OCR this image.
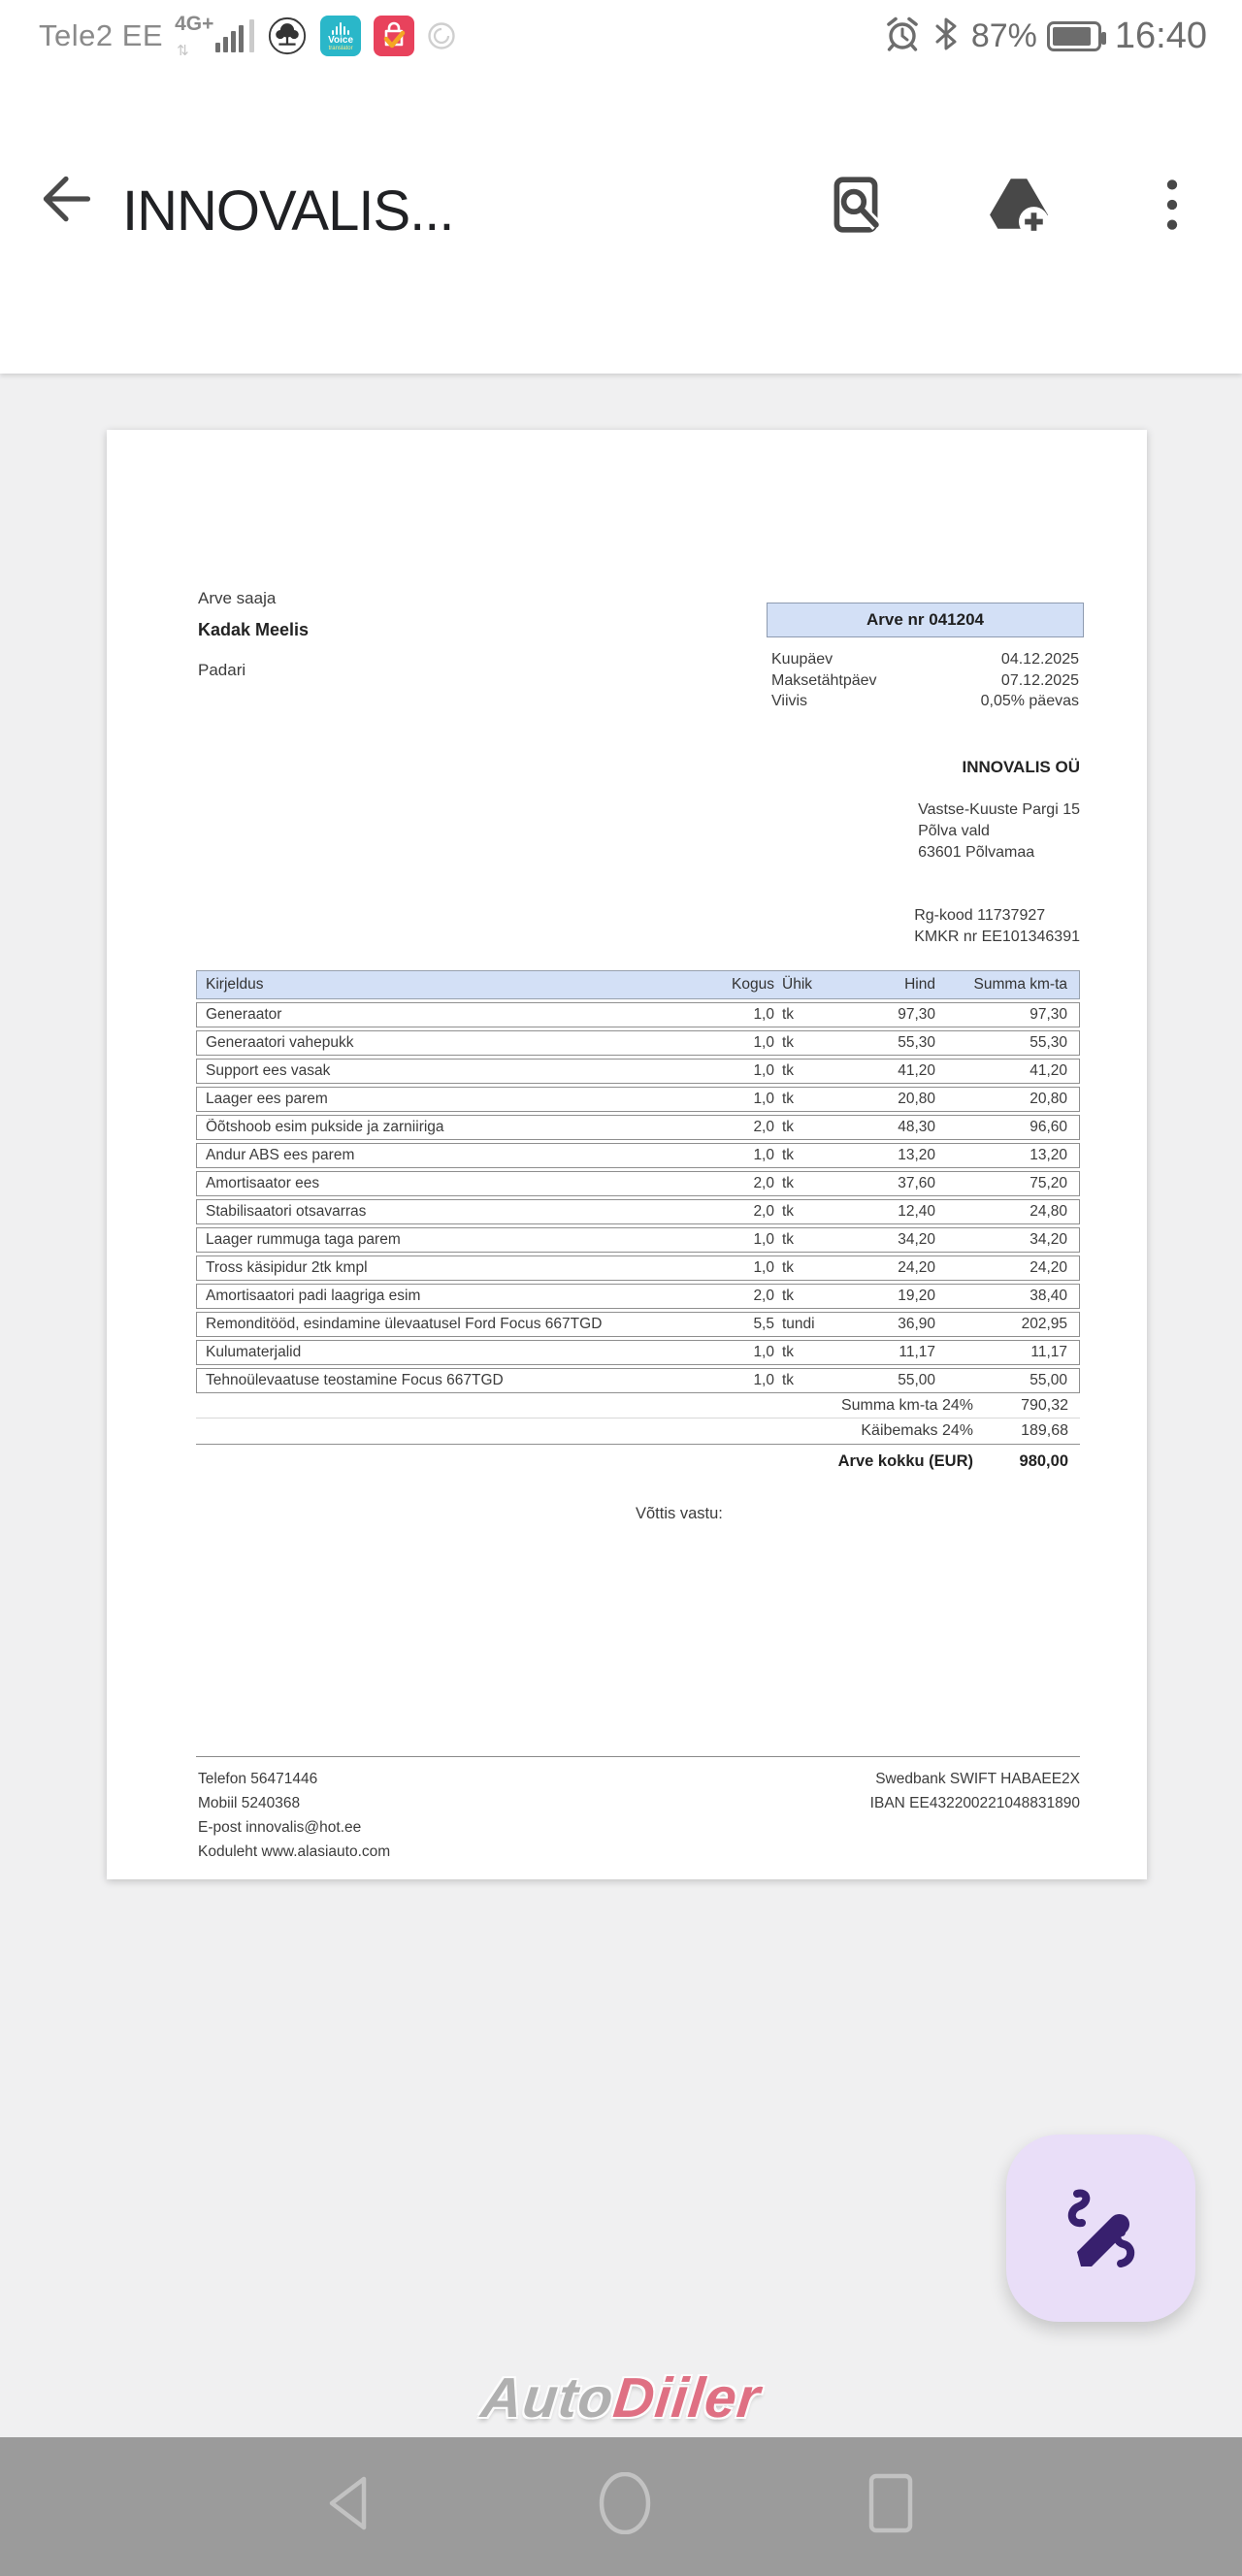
Tele2 EE 4G+
⇅
Voice
translator	87% 16:40
INNOVALIS...
Arve saaja
Kadak Meelis
Padari
Arve nr 041204
Kuupäev	04.12.2025
Maksetähtpäev	07.12.2025
Viivis	0,05% päevas
INNOVALIS OÜ
Vastse-Kuuste Pargi 15
Põlva vald
63601 Põlvamaa
Rg-kood 11737927
KMKR nr EE101346391
Kirjeldus	Kogus Ühik	Hind	Summa km-ta
Generaator	1,0 tk	97,30	97,30
Generaatori vahepukk	1,0 tk	55,30	55,30
Support ees vasak	1,0 tk	41,20	41,20
Laager ees parem	1,0 tk	20,80	20,80
Õõtshoob esim pukside ja zarniiriga	2,0 tk	48,30	96,60
Andur ABS ees parem	1,0 tk	13,20	13,20
Amortisaator ees	2,0 tk	37,60	75,20
Stabilisaatori otsavarras	2,0 tk	12,40	24,80
Laager rummuga taga parem	1,0 tk	34,20	34,20
Tross käsipidur 2tk kmpl	1,0 tk	24,20	24,20
Amortisaatori padi laagriga esim	2,0 tk	19,20	38,40
Remonditööd, esindamine ülevaatusel Ford Focus 667TGD	5,5 tundi	36,90	202,95
Kulumaterjalid	1,0 tk	11,17	11,17
Tehnoülevaatuse teostamine Focus 667TGD	1,0 tk	55,00	55,00
Summa km-ta 24%	790,32
Käibemaks 24%	189,68
Arve kokku (EUR)	980,00
Võttis vastu:
Telefon 56471446
Mobiil 5240368
E-post innovalis@hot.ee
Koduleht www.alasiauto.com
Swedbank SWIFT HABAEE2X
IBAN EE432200221048831890
AutoDiiler
